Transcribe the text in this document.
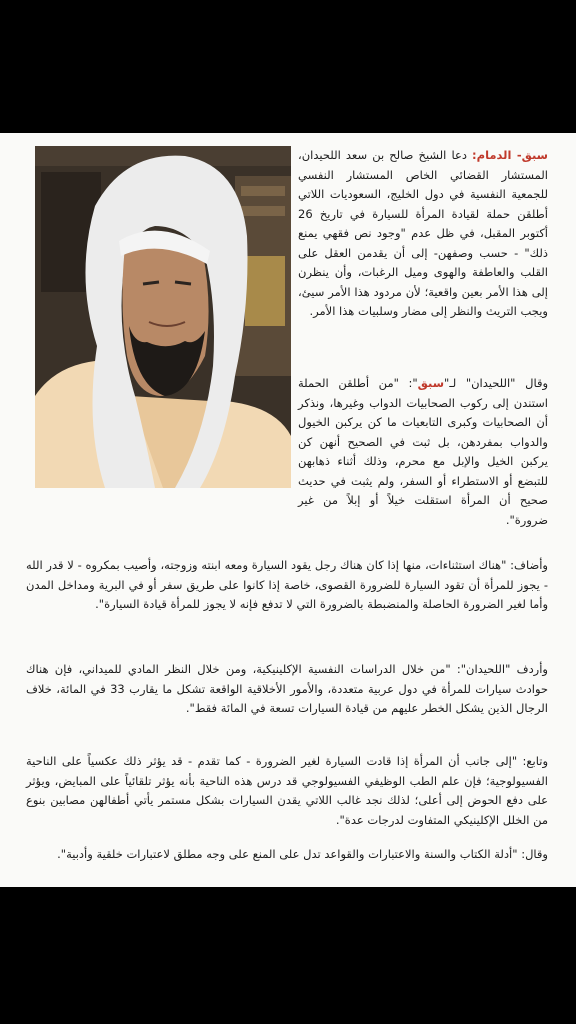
سبق- الدمام: دعا الشيخ صالح بن سعد اللحيدان، المستشار القضائي الخاص المستشار النفسي للجمعية النفسية في دول الخليج، السعوديات اللاتي أطلقن حملة لقيادة المرأة للسيارة في تاريخ 26 أكتوبر المقبل، في ظل عدم "وجود نص فقهي يمنع ذلك" - حسب وصفهن- إلى أن يقدمن العقل على القلب والعاطفة والهوى وميل الرغبات، وأن ينظرن إلى هذا الأمر بعين واقعية؛ لأن مردود هذا الأمر سيئ، ويجب التريث والنظر إلى مضار وسلبيات هذا الأمر.

وقال "اللحيدان" لـ"سبق": "من أطلقن الحملة استندن إلى ركوب الصحابيات الدواب وغيرها، ونذكر أن الصحابيات وكبرى التابعيات ما كن يركبن الخيول والدواب بمفردهن، بل ثبت في الصحيح أنهن كن يركبن الخيل والإبل مع محرم، وذلك أثناء ذهابهن للتبضع أو الاستطراء أو السفر، ولم يثبت في حديث صحيح أن المرأة استقلت خيلاً أو إبلاً من غير ضرورة".

وأضاف: "هناك استثناءات، منها إذا كان هناك رجل يقود السيارة ومعه ابنته وزوجته، وأصيب بمكروه - لا قدر الله - يجوز للمرأة أن تقود السيارة للضرورة القصوى، خاصة إذا كانوا على طريق سفر أو في البرية ومداخل المدن وأما لغير الضرورة الحاصلة والمنضبطة بالضرورة التي لا تدفع فإنه لا يجوز للمرأة قيادة السيارة".

وأردف "اللحيدان": "من خلال الدراسات النفسية الإكلينيكية، ومن خلال النظر المادي للميداني، فإن هناك حوادث سيارات للمرأة في دول عربية متعددة، والأمور الأخلاقية الواقعة تشكل ما يقارب 33 في المائة، خلاف الرجال الذين يشكل الخطر عليهم من قيادة السيارات تسعة في المائة فقط".

وتابع: "إلى جانب أن المرأة إذا قادت السيارة لغير الضرورة - كما تقدم - قد يؤثر ذلك عكسياً على الناحية الفسيولوجية؛ فإن علم الطب الوظيفي الفسيولوجي قد درس هذه الناحية بأنه يؤثر تلقائياً على المبايض، ويؤثر على دفع الحوض إلى أعلى؛ لذلك نجد غالب اللاتي يقدن السيارات بشكل مستمر يأتي أطفالهن مصابين بنوع من الخلل الإكلينيكي المتفاوت لدرجات عدة".

وقال: "أدلة الكتاب والسنة والاعتبارات والقواعد تدل على المنع على وجه مطلق لاعتبارات خلقية وأدبية".
